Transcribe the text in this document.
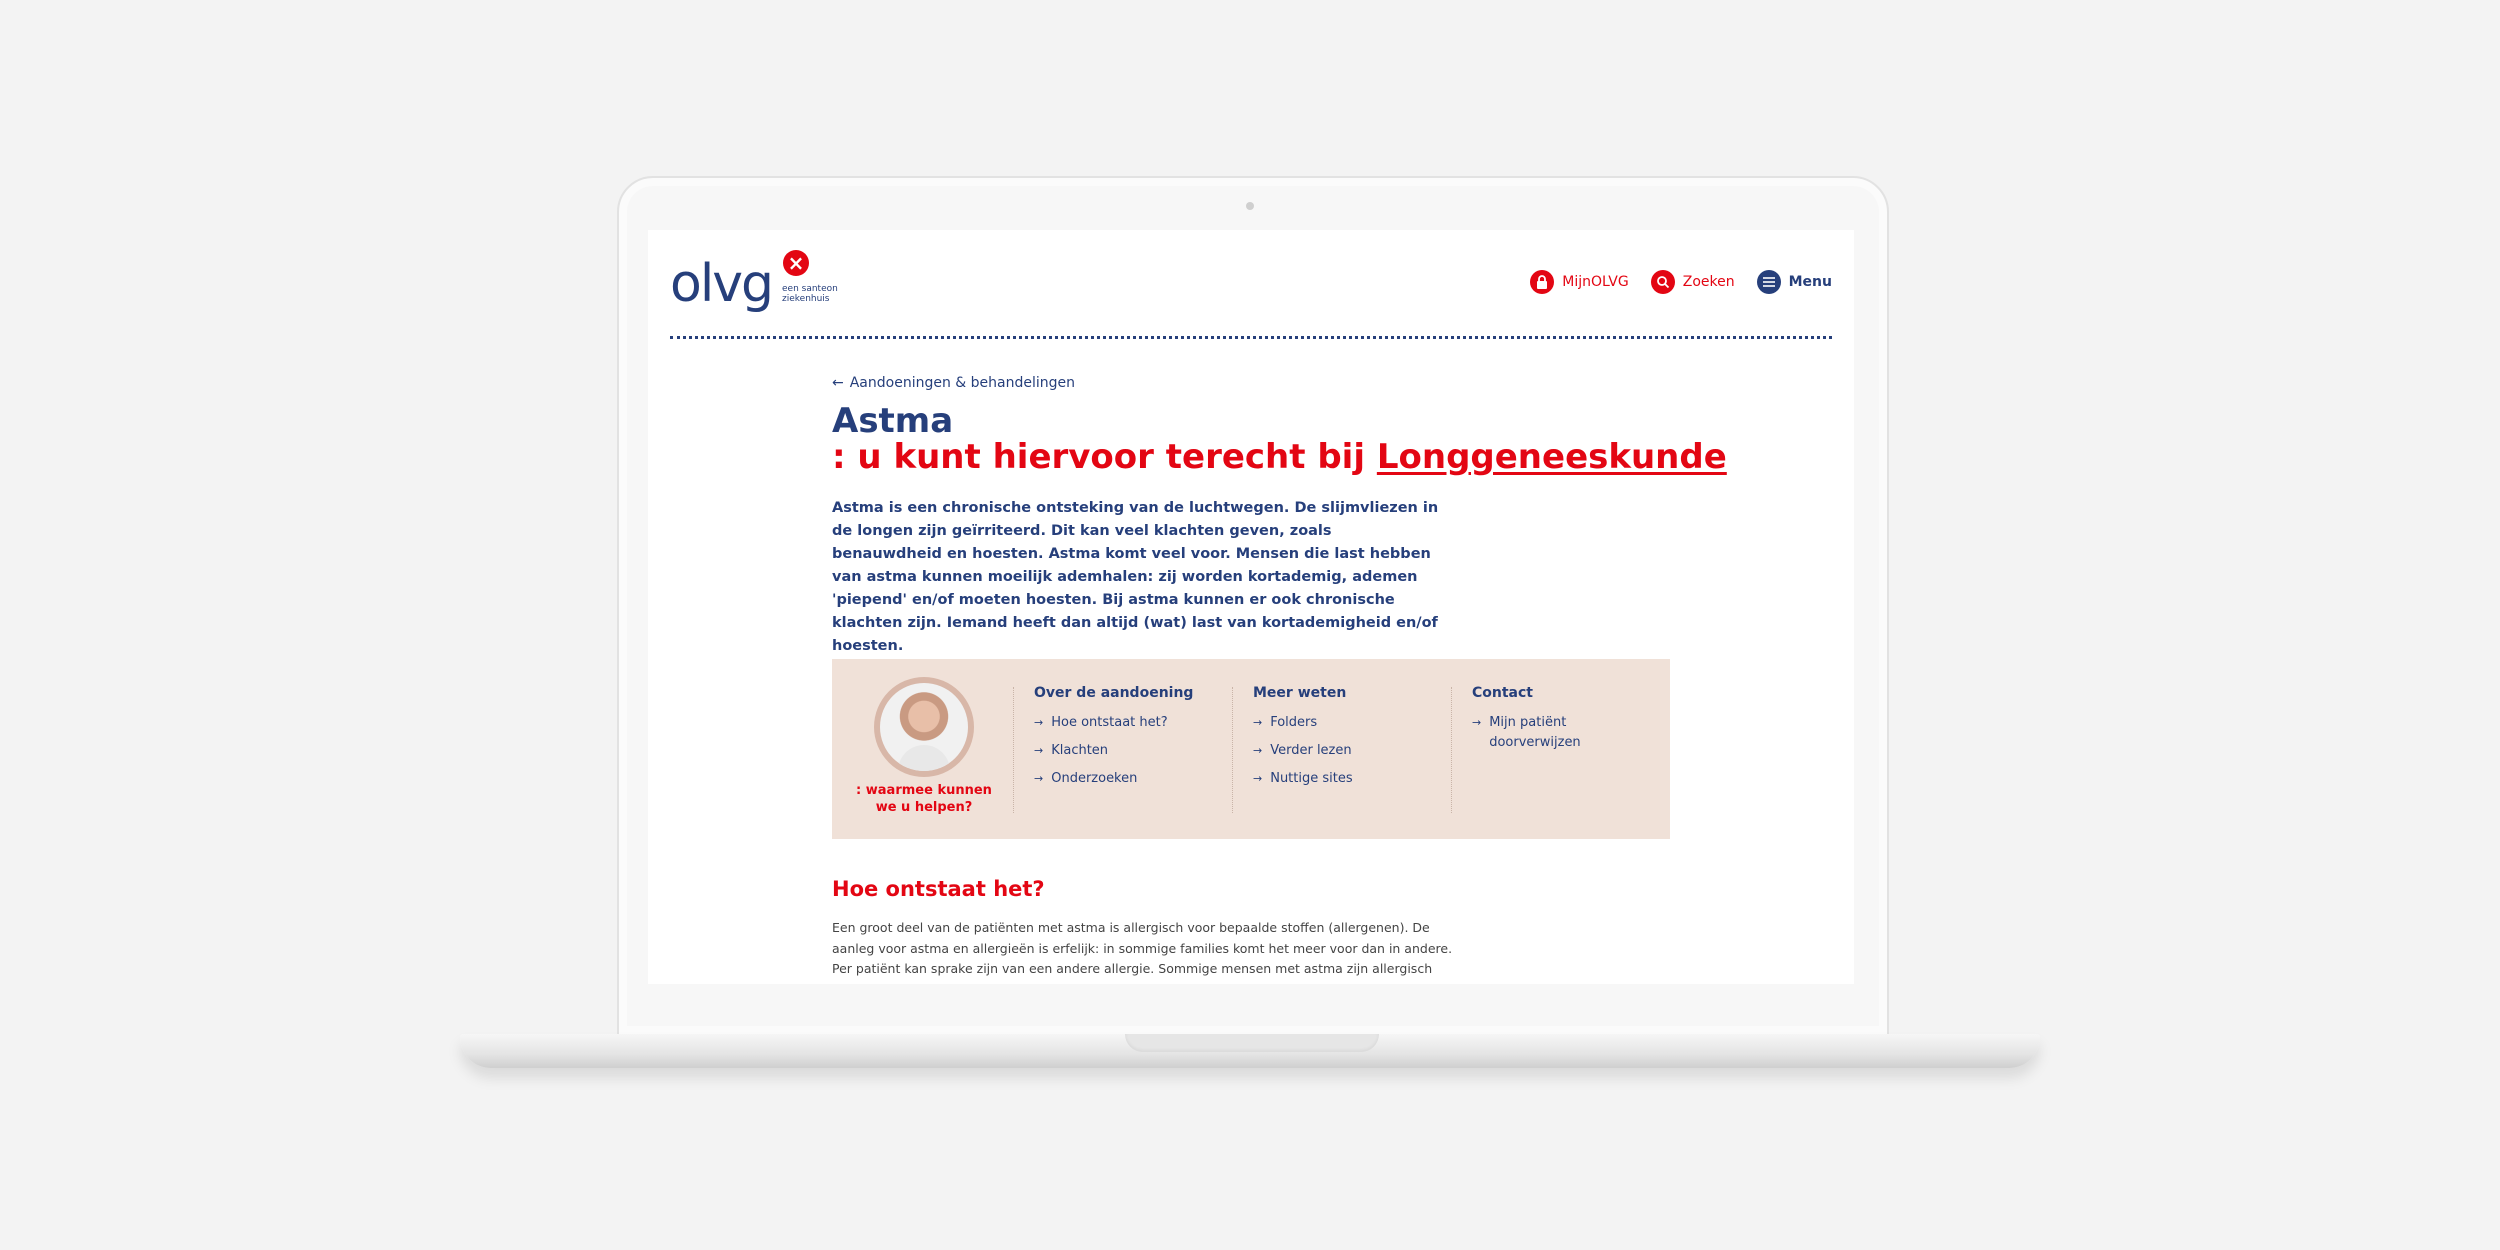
olvg ×
een santeon ziekenhuis
MijnOLVG	Zoeken	Menu
← Aandoeningen & behandelingen
Astma
: u kunt hiervoor terecht bij Longgeneeskunde

Astma is een chronische ontsteking van de luchtwegen. De slijmvliezen in de longen zijn geïrriteerd. Dit kan veel klachten geven, zoals benauwdheid en hoesten. Astma komt veel voor. Mensen die last hebben van astma kunnen moeilijk ademhalen: zij worden kortademig, ademen 'piepend' en/of moeten hoesten. Bij astma kunnen er ook chronische klachten zijn. Iemand heeft dan altijd (wat) last van kortademigheid en/of hoesten.

: waarmee kunnen we u helpen?
Over de aandoening
→ Hoe ontstaat het?
→ Klachten
→ Onderzoeken
Meer weten
→ Folders
→ Verder lezen
→ Nuttige sites
Contact
→ Mijn patiënt doorverwijzen
Hoe ontstaat het?

Een groot deel van de patiënten met astma is allergisch voor bepaalde stoffen (allergenen). De aanleg voor astma en allergieën is erfelijk: in sommige families komt het meer voor dan in andere. Per patiënt kan sprake zijn van een andere allergie. Sommige mensen met astma zijn allergisch
